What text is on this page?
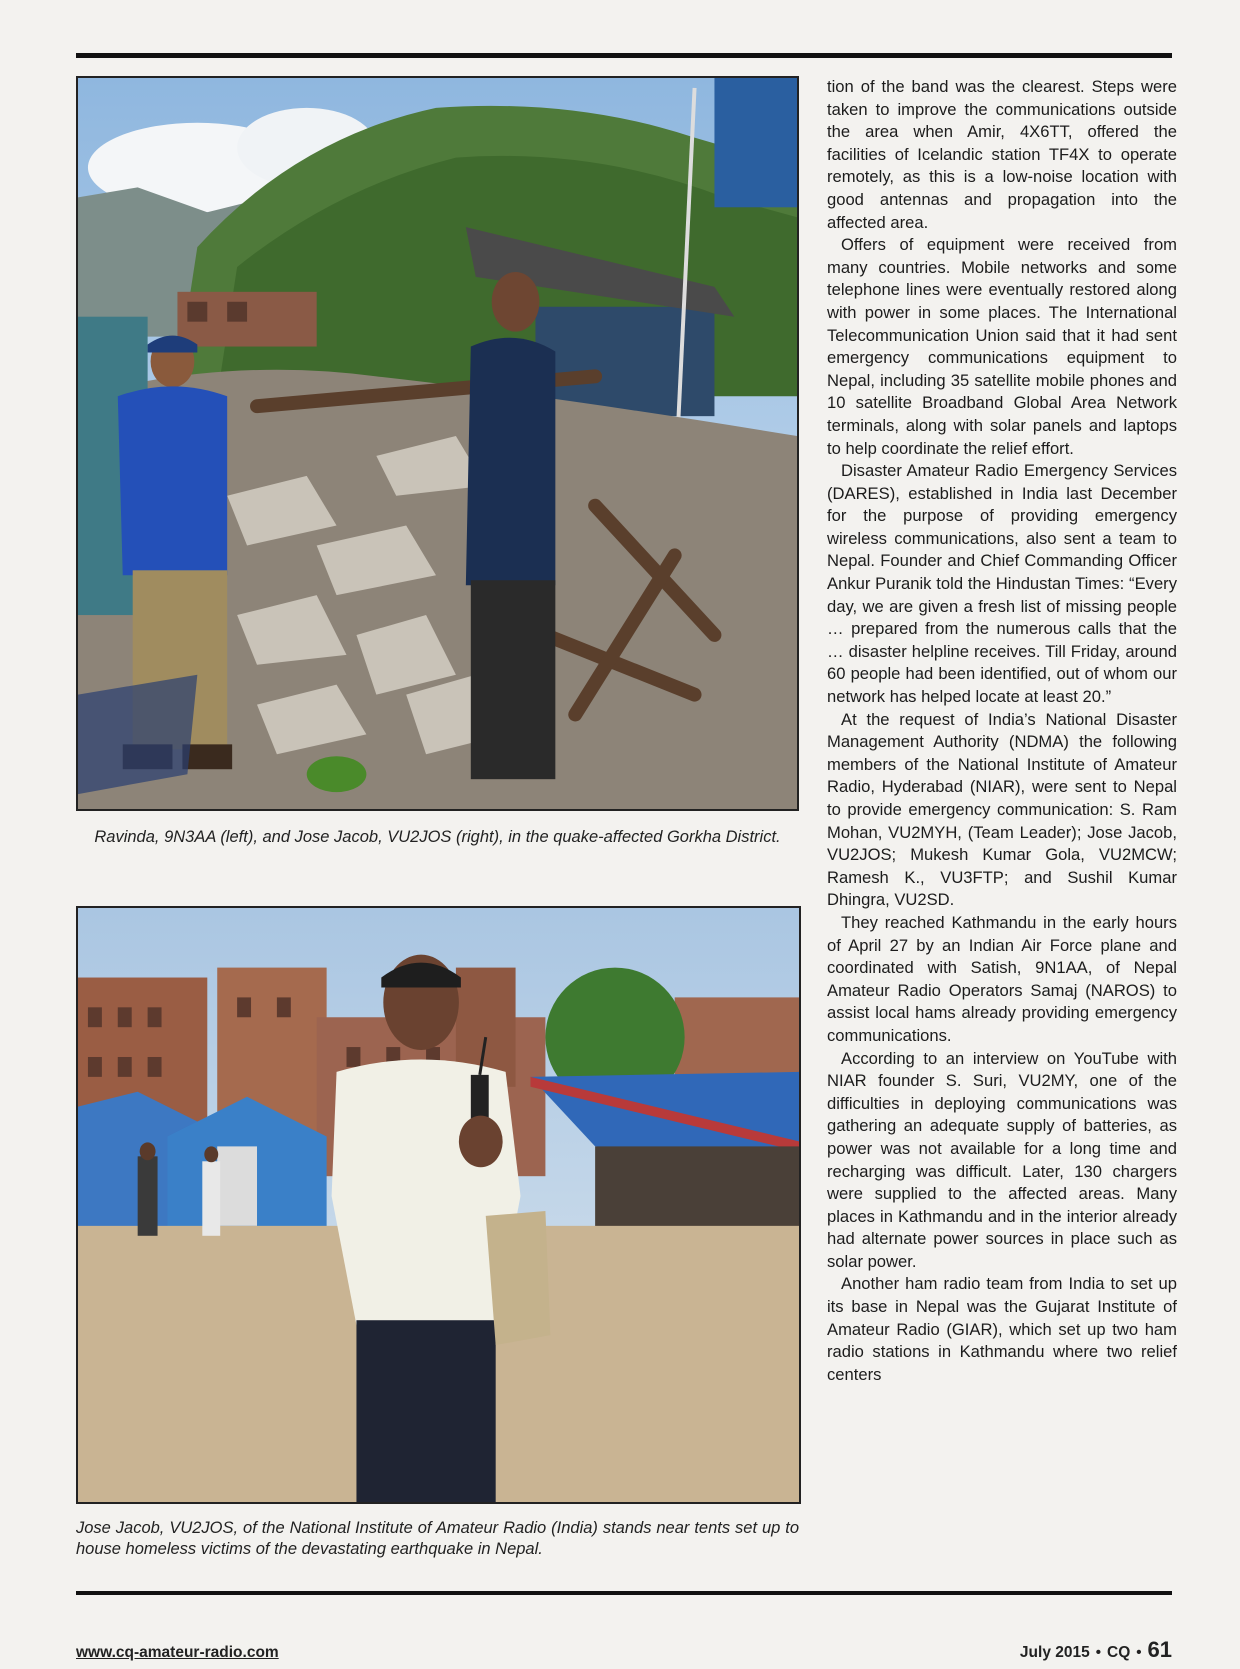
Ravinda, 9N3AA (left), and Jose Jacob, VU2JOS (right), in the quake-affected Gorkha District.
Jose Jacob, VU2JOS, of the National Institute of Amateur Radio (India) stands near tents set up to house homeless victims of the devastating earthquake in Nepal.

tion of the band was the clearest. Steps were taken to improve the communications outside the area when Amir, 4X6TT, offered the facilities of Icelandic station TF4X to operate remotely, as this is a low-noise location with good antennas and propagation into the affected area.

Offers of equipment were received from many countries. Mobile networks and some telephone lines were eventually restored along with power in some places. The International Telecommunication Union said that it had sent emergency communications equipment to Nepal, including 35 satellite mobile phones and 10 satellite Broadband Global Area Network terminals, along with solar panels and laptops to help coordinate the relief effort.

Disaster Amateur Radio Emergency Services (DARES), established in India last December for the purpose of providing emergency wireless communications, also sent a team to Nepal. Founder and Chief Commanding Officer Ankur Puranik told the Hindustan Times: “Every day, we are given a fresh list of missing people … prepared from the numerous calls that the … disaster helpline receives. Till Friday, around 60 people had been identified, out of whom our network has helped locate at least 20.”

At the request of India’s National Disaster Management Authority (NDMA) the following members of the National Institute of Amateur Radio, Hyderabad (NIAR), were sent to Nepal to provide emergency communication: S. Ram Mohan, VU2MYH, (Team Leader); Jose Jacob, VU2JOS; Mukesh Kumar Gola, VU2MCW; Ramesh K., VU3FTP; and Sushil Kumar Dhingra, VU2SD.

They reached Kathmandu in the early hours of April 27 by an Indian Air Force plane and coordinated with Satish, 9N1AA, of Nepal Amateur Radio Operators Samaj (NAROS) to assist local hams already providing emergency communications.

According to an interview on YouTube with NIAR founder S. Suri, VU2MY, one of the difficulties in deploying communications was gathering an adequate supply of batteries, as power was not available for a long time and recharging was difficult. Later, 130 chargers were supplied to the affected areas. Many places in Kathmandu and in the interior already had alternate power sources in place such as solar power.

Another ham radio team from India to set up its base in Nepal was the Gujarat Institute of Amateur Radio (GIAR), which set up two ham radio stations in Kathmandu where two relief centers

www.cq-amateur-radio.com	July 2015 • CQ • 61
